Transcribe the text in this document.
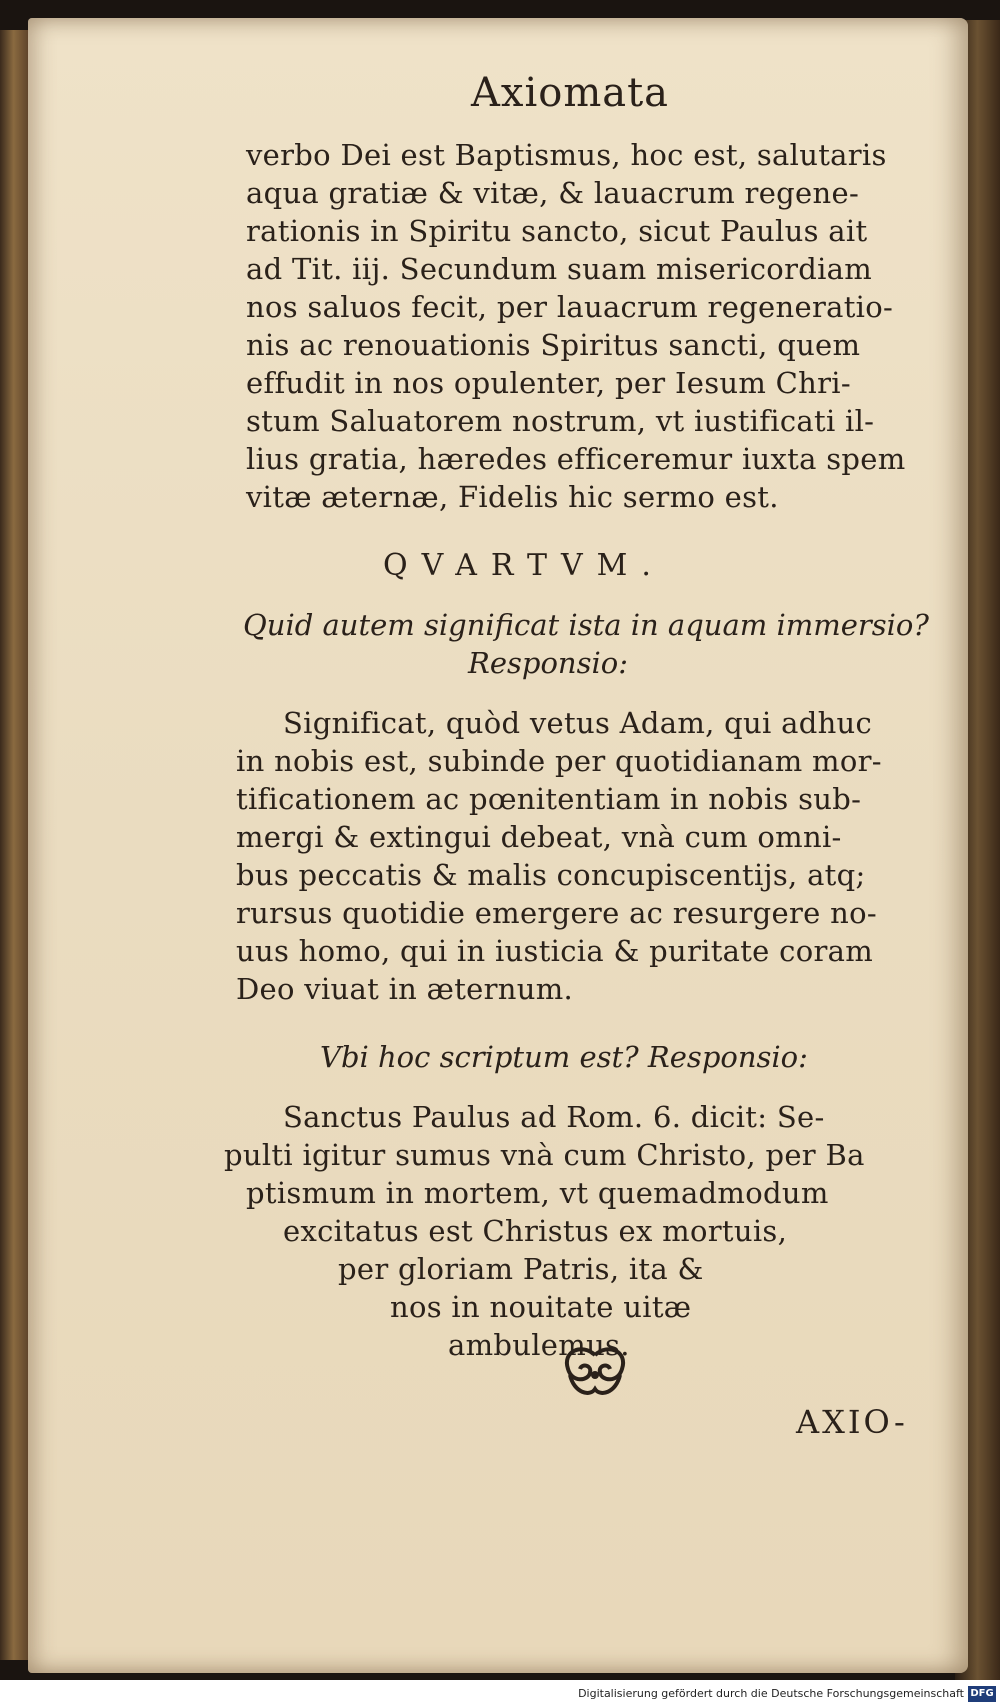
Axiomata
verbo Dei est Baptismus, hoc est, salutaris
aqua gratiæ & vitæ, & lauacrum regene-
rationis in Spiritu sancto, sicut Paulus ait
ad Tit. iij. Secundum suam misericordiam
nos saluos fecit, per lauacrum regeneratio-
nis ac renouationis Spiritus sancti, quem
effudit in nos opulenter, per Iesum Chri-
stum Saluatorem nostrum, vt iustificati il-
lius gratia, hæredes efficeremur iuxta spem
vitæ æternæ, Fidelis hic sermo est.
QVARTVM.
Quid autem significat ista in aquam immersio?
Responsio:
Significat, quòd vetus Adam, qui adhuc
in nobis est, subinde per quotidianam mor-
tificationem ac pœnitentiam in nobis sub-
mergi & extingui debeat, vnà cum omni-
bus peccatis & malis concupiscentijs, atq;
rursus quotidie emergere ac resurgere no-
uus homo, qui in iusticia & puritate coram
Deo viuat in æternum.
Vbi hoc scriptum est? Responsio:
Sanctus Paulus ad Rom. 6. dicit: Se-
pulti igitur sumus vnà cum Christo, per Ba
ptismum in mortem, vt quemadmodum
excitatus est Christus ex mortuis,
per gloriam Patris, ita &
nos in nouitate uitæ
ambulemus.
AXIO-
Digitalisierung gefördert durch die Deutsche Forschungsgemeinschaft DFG
